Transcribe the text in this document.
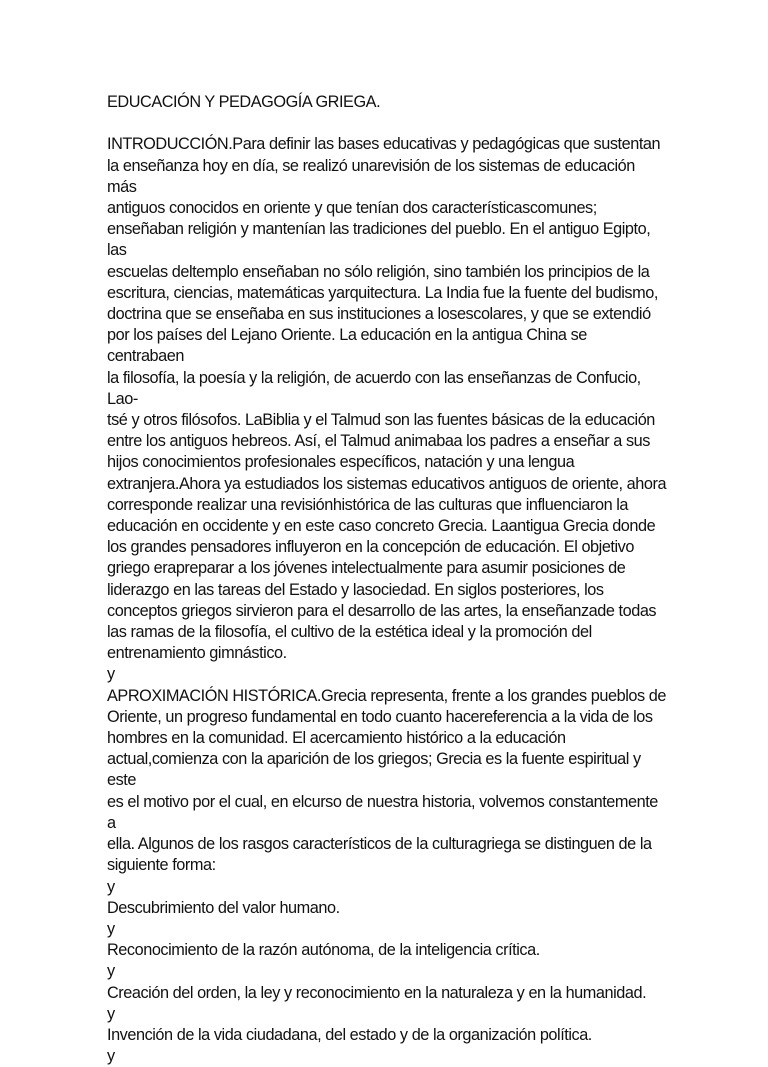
EDUCACIÓN Y PEDAGOGÍA GRIEGA.

INTRODUCCIÓN.Para definir las bases educativas y pedagógicas que sustentan
la enseñanza hoy en día, se realizó unarevisión de los sistemas de educación más
antiguos conocidos en oriente y que tenían dos característicascomunes;
enseñaban religión y mantenían las tradiciones del pueblo. En el antiguo Egipto, las
escuelas deltemplo enseñaban no sólo religión, sino también los principios de la
escritura, ciencias, matemáticas yarquitectura. La India fue la fuente del budismo,
doctrina que se enseñaba en sus instituciones a losescolares, y que se extendió
por los países del Lejano Oriente. La educación en la antigua China se centrabaen
la filosofía, la poesía y la religión, de acuerdo con las enseñanzas de Confucio, Lao-
tsé y otros filósofos. LaBiblia y el Talmud son las fuentes básicas de la educación
entre los antiguos hebreos. Así, el Talmud animabaa los padres a enseñar a sus
hijos conocimientos profesionales específicos, natación y una lengua
extranjera.Ahora ya estudiados los sistemas educativos antiguos de oriente, ahora
corresponde realizar una revisiónhistórica de las culturas que influenciaron la
educación en occidente y en este caso concreto Grecia. Laantigua Grecia donde
los grandes pensadores influyeron en la concepción de educación. El objetivo
griego erapreparar a los jóvenes intelectualmente para asumir posiciones de
liderazgo en las tareas del Estado y lasociedad. En siglos posteriores, los
conceptos griegos sirvieron para el desarrollo de las artes, la enseñanzade todas
las ramas de la filosofía, el cultivo de la estética ideal y la promoción del
entrenamiento gimnástico.

y

APROXIMACIÓN HISTÓRICA.Grecia representa, frente a los grandes pueblos de
Oriente, un progreso fundamental en todo cuanto hacereferencia a la vida de los
hombres en la comunidad. El acercamiento histórico a la educación
actual,comienza con la aparición de los griegos; Grecia es la fuente espiritual y este
es el motivo por el cual, en elcurso de nuestra historia, volvemos constantemente a
ella. Algunos de los rasgos característicos de la culturagriega se distinguen de la
siguiente forma:

y

Descubrimiento del valor humano.

y

Reconocimiento de la razón autónoma, de la inteligencia crítica.

y

Creación del orden, la ley y reconocimiento en la naturaleza y en la humanidad.

y

Invención de la vida ciudadana, del estado y de la organización política.

y
